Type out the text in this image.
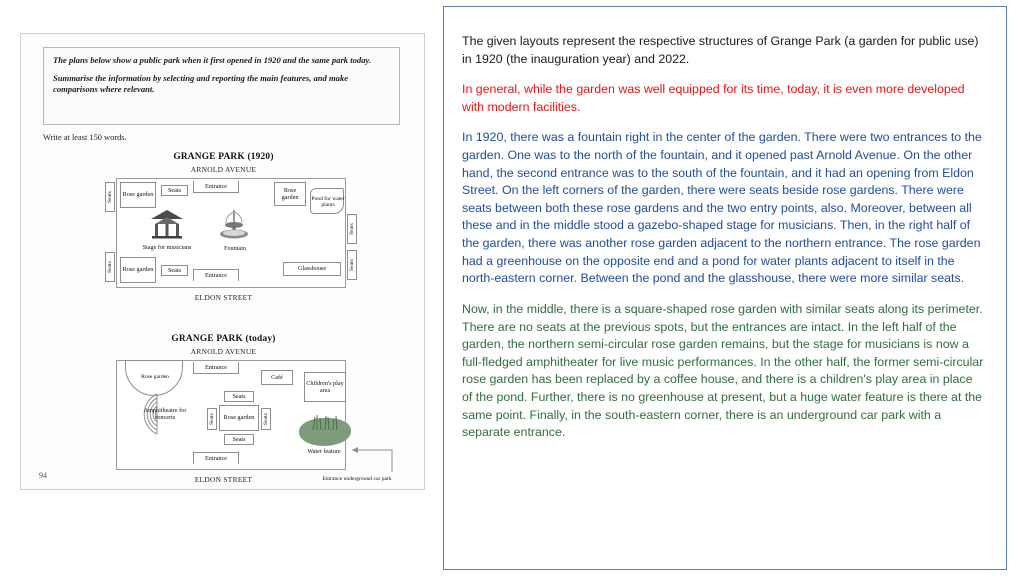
The plans below show a public park when it first opened in 1920 and the same park today.

Summarise the information by selecting and reporting the main features, and make comparisons where relevant.

Write at least 150 words.
GRANGE PARK (1920)
ARNOLD AVENUE
Seats
Seats
Seats
Seats
Rose garden
Rose garden
Seats
Seats
Entrance
Entrance
Rose garden	Pond for water plants
Stage for musicians	Fountain
Glasshouse
ELDON STREET
GRANGE PARK (today)
ARNOLD AVENUE
Rose garden
Entrance
Entrance
Café
Children's play area
Amphitheatre for concerts	Rose garden
Seats
Seats
Seats	Seats
Water feature
Entrance underground car park
ELDON STREET
94

The given layouts represent the respective structures of Grange Park (a garden for public use) in 1920 (the inauguration year) and 2022.

In general, while the garden was well equipped for its time, today, it is even more developed with modern facilities.

In 1920, there was a fountain right in the center of the garden. There were two entrances to the garden. One was to the north of the fountain, and it opened past Arnold Avenue. On the other hand, the second entrance was to the south of the fountain, and it had an opening from Eldon Street. On the left corners of the garden, there were seats beside rose gardens. There were seats between both these rose gardens and the two entry points, also. Moreover, between all these and in the middle stood a gazebo-shaped stage for musicians. Then, in the right half of the garden, there was another rose garden adjacent to the northern entrance. The rose garden had a greenhouse on the opposite end and a pond for water plants adjacent to itself in the north-eastern corner. Between the pond and the glasshouse, there were more similar seats.

Now, in the middle, there is a square-shaped rose garden with similar seats along its perimeter. There are no seats at the previous spots, but the entrances are intact. In the left half of the garden, the northern semi-circular rose garden remains, but the stage for musicians is now a full-fledged amphitheater for live music performances. In the other half, the former semi-circular rose garden has been replaced by a coffee house, and there is a children's play area in place of the pond. Further, there is no greenhouse at present, but a huge water feature is there at the same point. Finally, in the south-eastern corner, there is an underground car park with a separate entrance.
